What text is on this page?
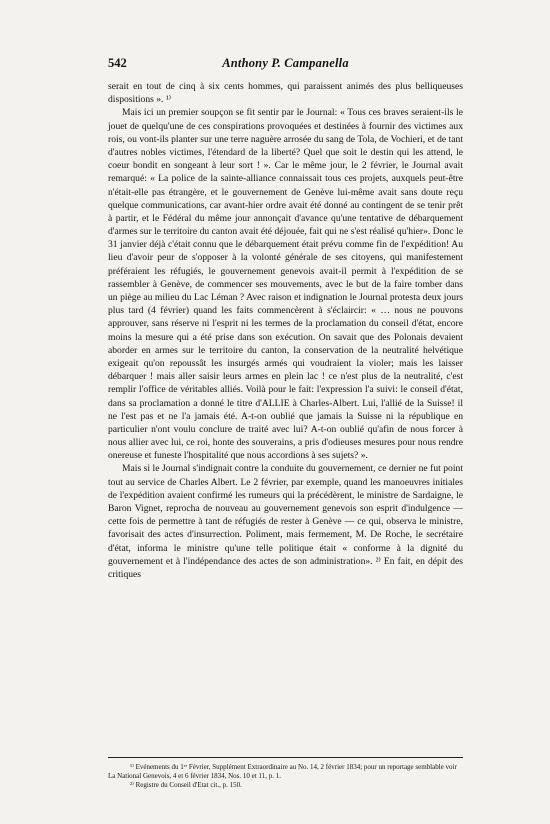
542	Anthony P. Campanella

serait en tout de cinq à six cents hommes, qui paraissent animés des plus belliqueuses dispositions ». ¹⁾

Mais ici un premier soupçon se fit sentir par le Journal: « Tous ces braves seraient-ils le jouet de quelqu'une de ces conspirations provoquées et destinées à fournir des victimes aux rois, ou vont-ils planter sur une terre naguère arrosée du sang de Tola, de Vochieri, et de tant d'autres nobles victimes, l'étendard de la liberté? Quel que soit le destin qui les attend, le coeur bondit en songeant à leur sort ! ». Car le même jour, le 2 février, le Journal avait remarqué: « La police de la sainte-alliance connaissait tous ces projets, auxquels peut-être n'était-elle pas étrangère, et le gouvernement de Genève lui-même avait sans doute reçu quelque communications, car avant-hier ordre avait été donné au contingent de se tenir prêt à partir, et le Fédéral du même jour annonçait d'avance qu'une tentative de débarquement d'armes sur le territoire du canton avait été déjouée, fait qui ne s'est réalisé qu'hier». Donc le 31 janvier déjà c'était connu que le débarquement était prévu comme fin de l'expédition! Au lieu d'avoir peur de s'opposer à la volonté générale de ses citoyens, qui manifestement préféraient les réfugiés, le gouvernement genevois avait-il permit à l'expédition de se rassembler à Genève, de commencer ses mouvements, avec le but de la faire tomber dans un piège au milieu du Lac Léman ? Avec raison et indignation le Journal protesta deux jours plus tard (4 février) quand les faits commencèrent à s'éclaircir: « … nous ne pouvons approuver, sans réserve ni l'esprit ni les termes de la proclamation du conseil d'état, encore moins la mesure qui a été prise dans son exécution. On savait que des Polonais devaient aborder en armes sur le territoire du canton, la conservation de la neutralité helvétique exigeait qu'on repoussât les insurgés armés qui voudraient la violer; mais les laisser débarquer ! mais aller saisir leurs armes en plein lac ! ce n'est plus de la neutralité, c'est remplir l'office de véritables alliés. Voilà pour le fait: l'expression l'a suivi: le conseil d'état, dans sa proclamation a donné le titre d'ALLIE à Charles-Albert. Lui, l'allié de la Suisse! il ne l'est pas et ne l'a jamais été. A-t-on oublié que jamais la Suisse ni la république en particulier n'ont voulu conclure de traité avec lui? A-t-on oublié qu'afin de nous forcer à nous allier avec lui, ce roi, honte des souverains, a pris d'odieuses mesures pour nous rendre onereuse et funeste l'hospitalité que nous accordions à ses sujets? ».

Mais si le Journal s'indignait contre la conduite du gouvernement, ce dernier ne fut point tout au service de Charles Albert. Le 2 février, par exemple, quand les manoeuvres initiales de l'expédition avaient confirmé les rumeurs qui la précédèrent, le ministre de Sardaigne, le Baron Vignet, reprocha de nouveau au gouvernement genevois son esprit d'indulgence — cette fois de permettre à tant de réfugiés de rester à Genève — ce qui, observa le ministre, favorisait des actes d'insurrection. Poliment, mais fermement, M. De Roche, le secrétaire d'état, informa le ministre qu'une telle politique était « conforme à la dignité du gouvernement et à l'indépendance des actes de son administration». ²⁾ En fait, en dépit des critiques

¹⁾ Evénements du 1ᵉʳ Février, Supplément Extraordinaire au No. 14, 2 février 1834; pour un reportage semblable voir La National Genevois, 4 et 6 février 1834, Nos. 10 et 11, p. 1.

²⁾ Registre du Conseil d'Etat cit., p. 150.
